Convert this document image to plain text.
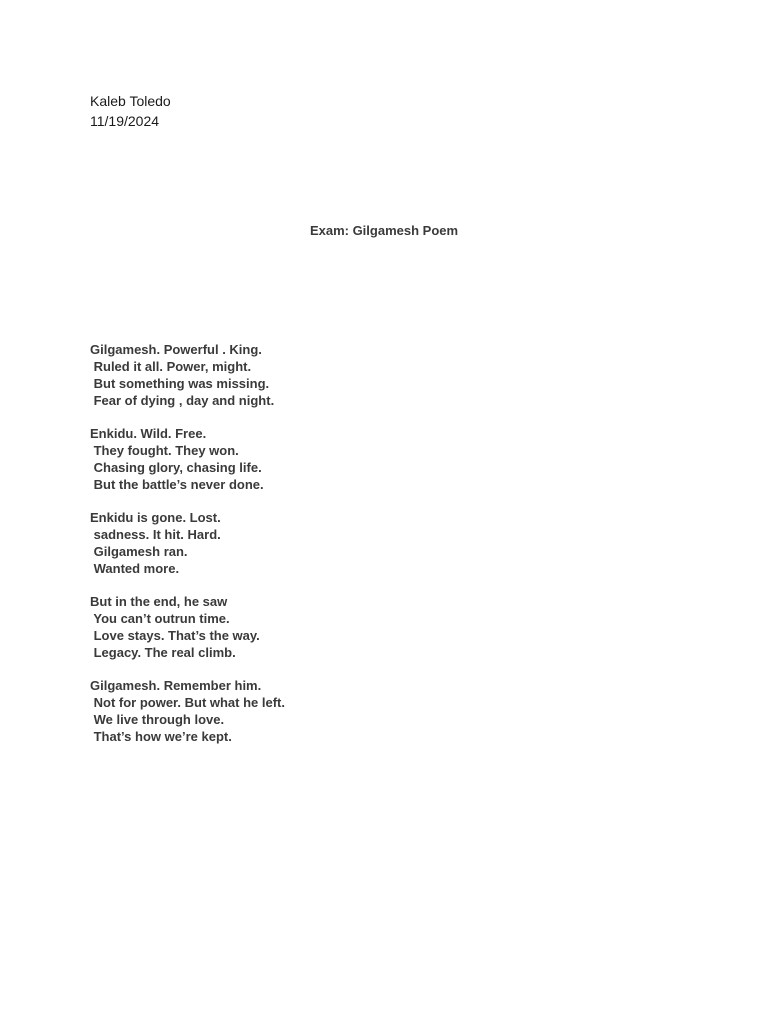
Kaleb Toledo
11/19/2024
Exam: Gilgamesh Poem
Gilgamesh. Powerful . King.
Ruled it all. Power, might.
But something was missing.
Fear of dying , day and night.
Enkidu. Wild. Free.
They fought. They won.
Chasing glory, chasing life.
But the battle’s never done.
Enkidu is gone. Lost.
sadness. It hit. Hard.
Gilgamesh ran.
Wanted more.
But in the end, he saw
You can’t outrun time.
Love stays. That’s the way.
Legacy. The real climb.
Gilgamesh. Remember him.
Not for power. But what he left.
We live through love.
That’s how we’re kept.
